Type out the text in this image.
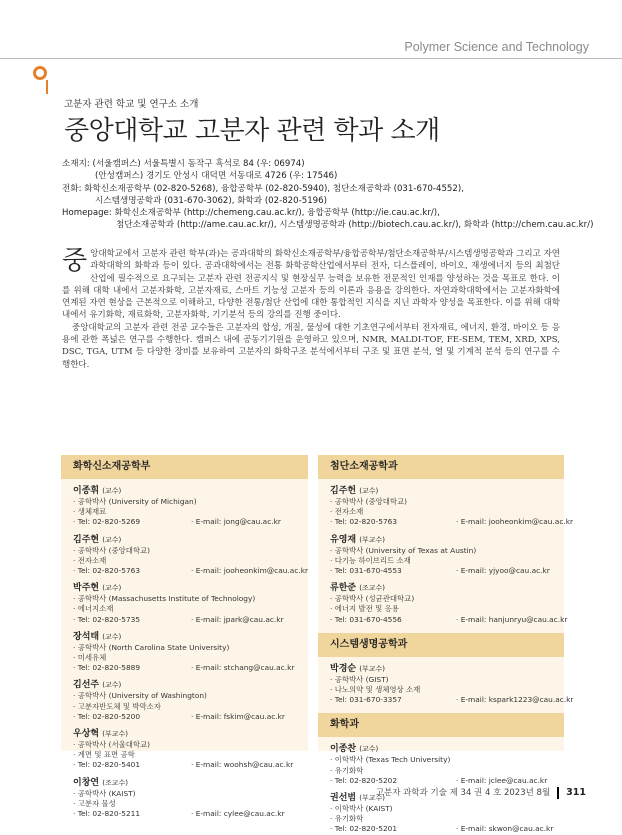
Polymer Science and Technology
고분자 관련 학교 및 연구소 소개
중앙대학교 고분자 관련 학과 소개
소재지: (서울캠퍼스) 서울특별시 동작구 흑석로 84 (우: 06974)
(안성캠퍼스) 경기도 안성시 대덕면 서동대로 4726 (우: 17546)
전화: 화학신소재공학부 (02-820-5268), 융합공학부 (02-820-5940), 첨단소재공학과 (031-670-4552),
시스템생명공학과 (031-670-3062), 화학과 (02-820-5196)
Homepage: 화학신소재공학부 (http://chemeng.cau.ac.kr/), 융합공학부 (http://ie.cau.ac.kr/),
첨단소재공학과 (http://ame.cau.ac.kr/), 시스템생명공학과 (http://biotech.cau.ac.kr/), 화학과 (http://chem.cau.ac.kr/)

중앙대학교에서 고분자 관련 학부(과)는 공과대학의 화학신소재공학부/융합공학부/첨단소재공학부/시스템생명공학과 그리고 자연과학대학의 화학과 등이 있다. 공과대학에서는 전통 화학공학산업에서부터 전자, 디스플레이, 바이오, 재생에너지 등의 최첨단산업에 필수적으로 요구되는 고분자 관련 전공지식 및 현장실무 능력을 보유한 전문적인 인재를 양성하는 것을 목표로 한다. 이를 위해 대학 내에서 고분자화학, 고분자재료, 스마트 기능성 고분자 등의 이론과 응용을 강의한다. 자연과학대학에서는 고분자화학에 연계된 자연 현상을 근본적으로 이해하고, 다양한 전통/첨단 산업에 대한 통합적인 지식을 지닌 과학자 양성을 목표한다. 이를 위해 대학 내에서 유기화학, 재료화학, 고분자화학, 기기분석 등의 강의를 진행 중이다.

중앙대학교의 고분자 관련 전공 교수들은 고분자의 합성, 개질, 물성에 대한 기초연구에서부터 전자재료, 에너지, 환경, 바이오 등 응용에 관한 폭넓은 연구를 수행한다. 캠퍼스 내에 공동기기원을 운영하고 있으며, NMR, MALDI-TOF, FE-SEM, TEM, XRD, XPS, DSC, TGA, UTM 등 다양한 장비를 보유하여 고분자의 화학구조 분석에서부터 구조 및 표면 분석, 열 및 기계적 분석 등의 연구를 수행한다.

화학신소재공학부
이종휘 (교수)
· 공학박사 (University of Michigan)
· 생체재료
· Tel: 02-820-5269	· E-mail: jong@cau.ac.kr
김주현 (교수)
· 공학박사 (중앙대학교)
· 전자소재
· Tel: 02-820-5763	· E-mail: jooheonkim@cau.ac.kr
박주현 (교수)
· 공학박사 (Massachusetts Institute of Technology)
· 에너지소재
· Tel: 02-820-5735	· E-mail: jpark@cau.ac.kr
장석태 (교수)
· 공학박사 (North Carolina State University)
· 미세유체
· Tel: 02-820-5889	· E-mail: stchang@cau.ac.kr
김선주 (교수)
· 공학박사 (University of Washington)
· 고분자반도체 및 박막소자
· Tel: 02-820-5200	· E-mail: fskim@cau.ac.kr
우상혁 (부교수)
· 공학박사 (서울대학교)
· 계면 및 표면 공학
· Tel: 02-820-5401	· E-mail: woohsh@cau.ac.kr
이창연 (조교수)
· 공학박사 (KAIST)
· 고분자 물성
· Tel: 02-820-5211	· E-mail: cylee@cau.ac.kr
첨단소재공학과
김주헌 (교수)
· 공학박사 (중앙대학교)
· 전자소재
· Tel: 02-820-5763	· E-mail: jooheonkim@cau.ac.kr
유영재 (부교수)
· 공학박사 (University of Texas at Austin)
· 다기능 하이브리드 소재
· Tel: 031-670-4553	· E-mail: yjyoo@cau.ac.kr
류한준 (조교수)
· 공학박사 (성균관대학교)
· 에너지 발전 및 응용
· Tel: 031-670-4556	· E-mail: hanjunryu@cau.ac.kr
시스템생명공학과
박경순 (부교수)
· 공학박사 (GIST)
· 나노의약 및 생체영상 소재
· Tel: 031-670-3357	· E-mail: kspark1223@cau.ac.kr
화학과
이종찬 (교수)
· 이학박사 (Texas Tech University)
· 유기화학
· Tel: 02-820-5202	· E-mail: jclee@cau.ac.kr
권선범 (부교수)
· 이학박사 (KAIST)
· 유기화학
· Tel: 02-820-5201	· E-mail: skwon@cau.ac.kr
고분자 과학과 기술 제 34 권 4 호 2023년 8월 311
